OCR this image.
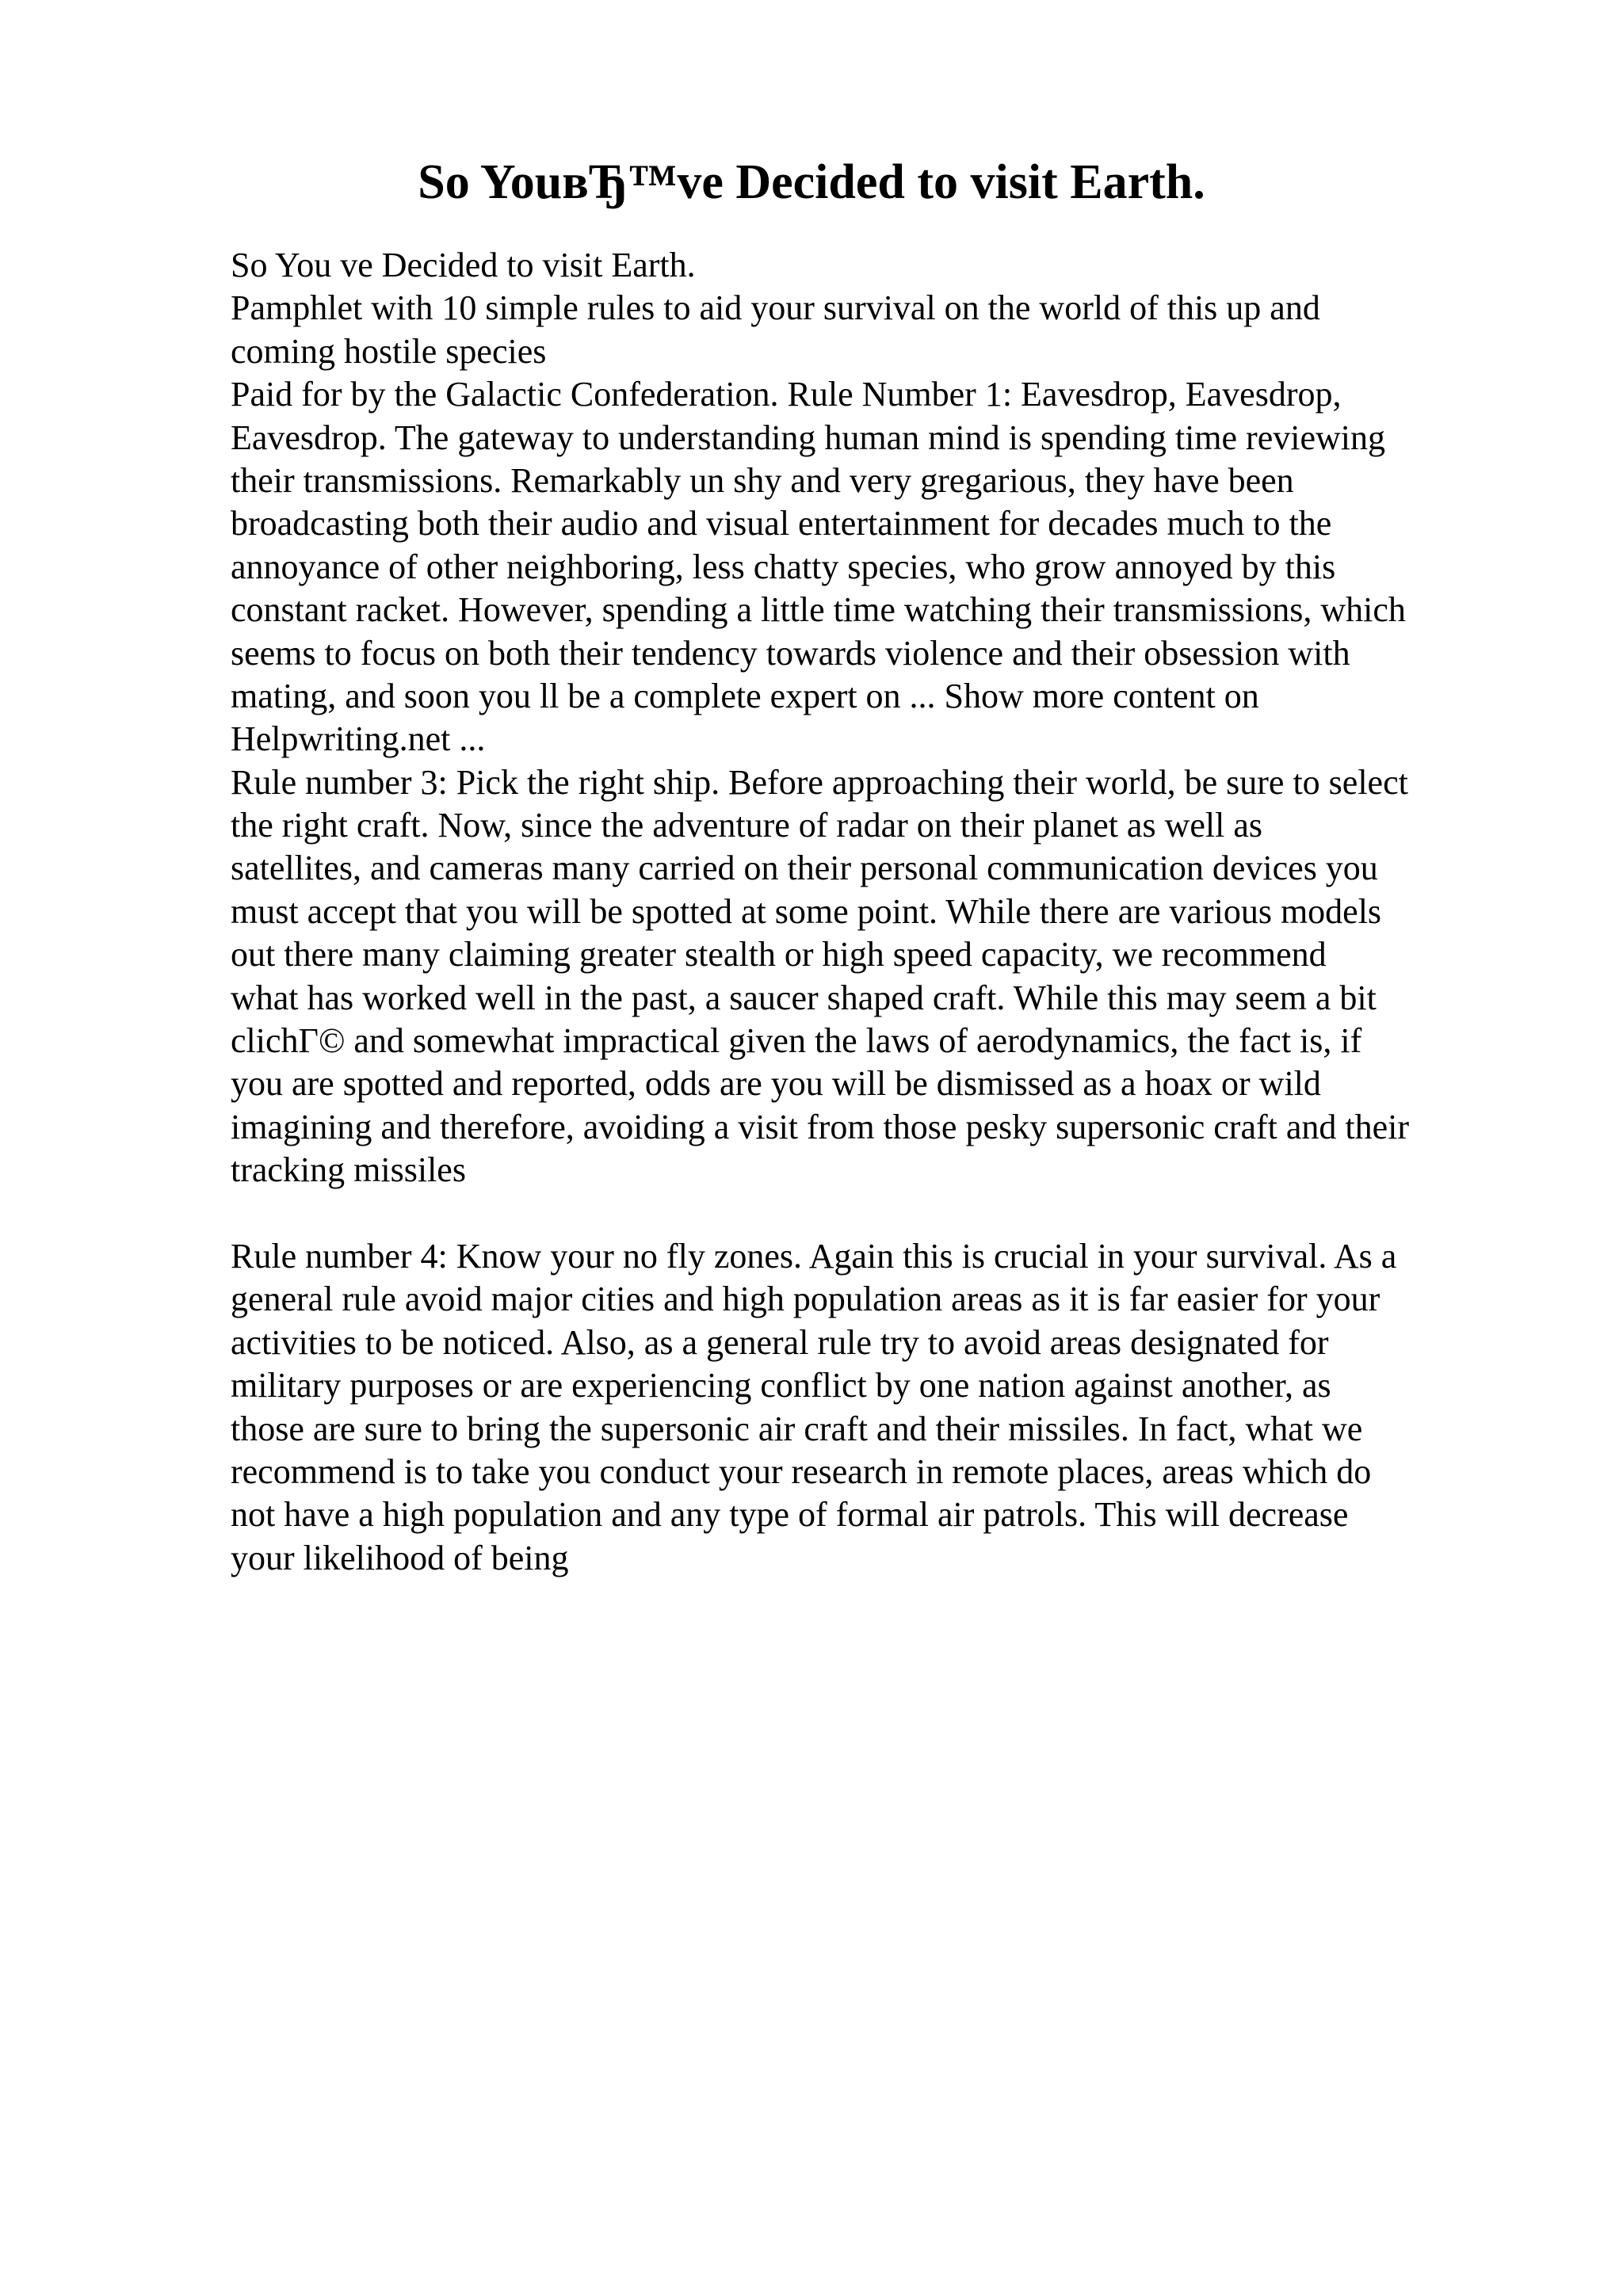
So YouвЂ™ve Decided to visit Earth.
So You ve Decided to visit Earth.
Pamphlet with 10 simple rules to aid your survival on the world of this up and
coming hostile species
Paid for by the Galactic Confederation. Rule Number 1: Eavesdrop, Eavesdrop,
Eavesdrop. The gateway to understanding human mind is spending time reviewing
their transmissions. Remarkably un shy and very gregarious, they have been
broadcasting both their audio and visual entertainment for decades much to the
annoyance of other neighboring, less chatty species, who grow annoyed by this
constant racket. However, spending a little time watching their transmissions, which
seems to focus on both their tendency towards violence and their obsession with
mating, and soon you ll be a complete expert on ... Show more content on
Helpwriting.net ...
Rule number 3: Pick the right ship. Before approaching their world, be sure to select
the right craft. Now, since the adventure of radar on their planet as well as
satellites, and cameras many carried on their personal communication devices you
must accept that you will be spotted at some point. While there are various models
out there many claiming greater stealth or high speed capacity, we recommend
what has worked well in the past, a saucer shaped craft. While this may seem a bit
clichГ© and somewhat impractical given the laws of aerodynamics, the fact is, if
you are spotted and reported, odds are you will be dismissed as a hoax or wild
imagining and therefore, avoiding a visit from those pesky supersonic craft and their
tracking missiles
Rule number 4: Know your no fly zones. Again this is crucial in your survival. As a
general rule avoid major cities and high population areas as it is far easier for your
activities to be noticed. Also, as a general rule try to avoid areas designated for
military purposes or are experiencing conflict by one nation against another, as
those are sure to bring the supersonic air craft and their missiles. In fact, what we
recommend is to take you conduct your research in remote places, areas which do
not have a high population and any type of formal air patrols. This will decrease
your likelihood of being
